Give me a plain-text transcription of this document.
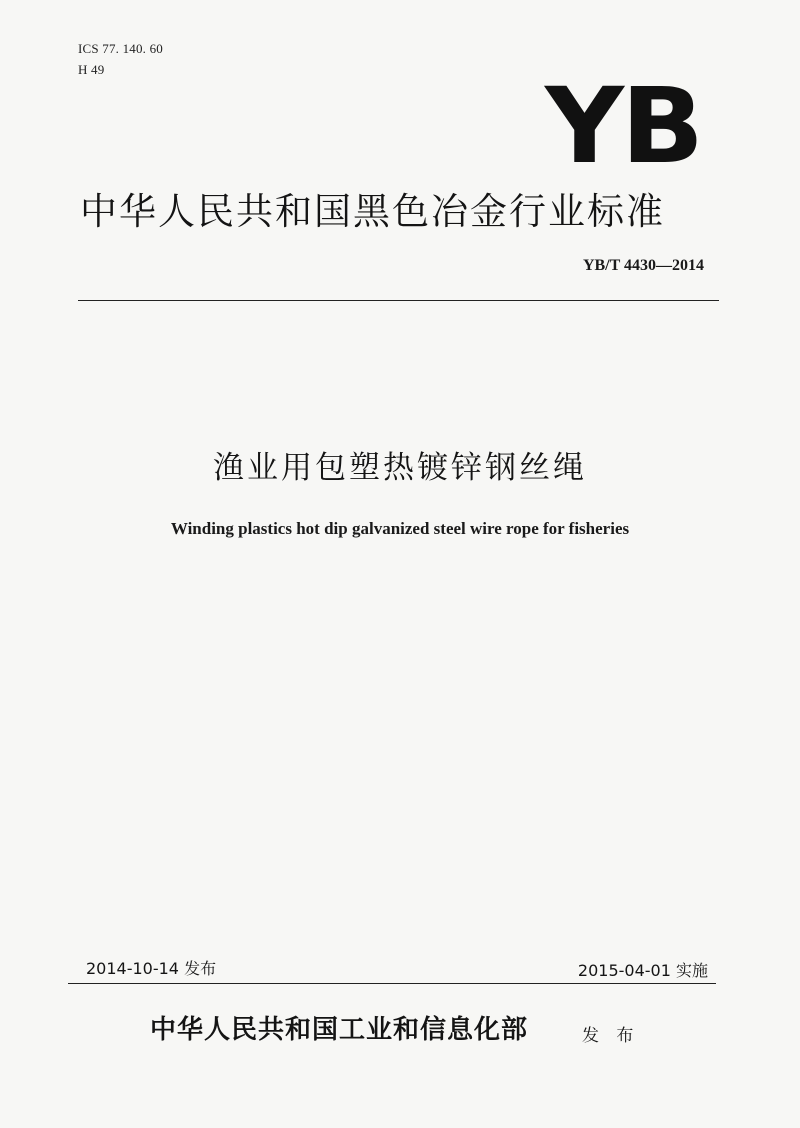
ICS 77. 140. 60
H 49	YB
中华人民共和国黑色冶金行业标准
YB/T 4430—2014
渔业用包塑热镀锌钢丝绳
Winding plastics hot dip galvanized steel wire rope for fisheries
2014-10-14 发布	2015-04-01 实施
中华人民共和国工业和信息化部	发 布
